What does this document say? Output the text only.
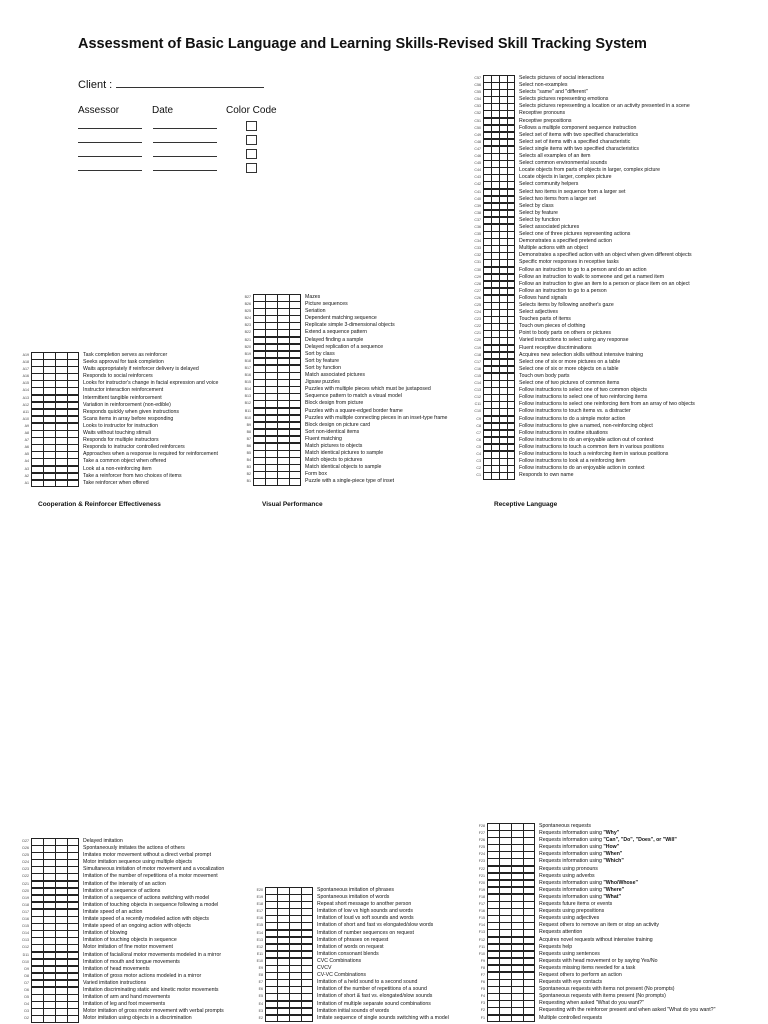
Assessment of Basic Language and Learning Skills-Revised Skill Tracking System
Client :
Assessor	Date	Color Code
A19	Task completion serves as reinforcer
A18	Seeks approval for task completion
A17	Waits appropriately if reinforcer delivery is delayed
A16	Responds to social reinforcers
A15	Looks for instructor's change in facial expression and voice
A14	Instructor interaction reinforcement
A13	Intermittent tangible reinforcement
A12	Variation in reinforcement (non-edible)
A11	Responds quickly when given instructions
A10	Scans items in array before responding
A9	Looks to instructor for instruction
A8	Waits without touching stimuli
A7	Responds for multiple instructors
A6	Responds to instructor controlled reinforcers
A5	Approaches when a response is required for reinforcement
A4	Take a common object when offered
A3	Look at a non-reinforcing item
A2	Take a reinforcer from two choices of items
A1	Take reinforcer when offered
Cooperation & Reinforcer Effectiveness
B27	Mazes
B26	Picture sequences
B25	Seriation
B24	Dependent matching sequence
B23	Replicate simple 3-dimensional objects
B22	Extend a sequence pattern
B21	Delayed finding a sample
B20	Delayed replication of a sequence
B19	Sort by class
B18	Sort by feature
B17	Sort by function
B16	Match associated pictures
B15	Jigsaw puzzles
B14	Puzzles with multiple pieces which must be juxtaposed
B13	Sequence pattern to match a visual model
B12	Block design from picture
B11	Puzzles with a square-edged border frame
B10	Puzzles with multiple connecting pieces in an inset-type frame
B9	Block design on picture card
B8	Sort non-identical items
B7	Fluent matching
B6	Match pictures to objects
B5	Match identical pictures to sample
B4	Match objects to pictures
B3	Match identical objects to sample
B2	Form box
B1	Puzzle with a single-piece type of inset
Visual Performance
C57	Selects pictures of social interactions
C56	Select non-examples
C55	Selects "same" and "different"
C54	Selects pictures representing emotions
C53	Selects pictures representing a location or an activity presented in a scene
C52	Receptive pronouns
C51	Receptive prepositions
C50	Follows a multiple component sequence instruction
C49	Select set of items with two specified characteristics
C48	Select set of items with a specified characteristic
C47	Select single items with two specified characteristics
C46	Selects all examples of an item
C45	Select common environmental sounds
C44	Locate objects from parts of objects in larger, complex picture
C43	Locate objects in larger, complex picture
C42	Select community helpers
C41	Select two items in sequence from a larger set
C40	Select two items from a larger set
C39	Select by class
C38	Select by feature
C37	Select by function
C36	Select associated pictures
C35	Select one of three pictures representing actions
C34	Demonstrates a specified pretend action
C33	Multiple actions with an object
C32	Demonstrates a specified action with an object when given different objects
C31	Specific motor responses in receptive tasks
C30	Follow an instruction to go to a person and do an action
C29	Follow an instruction to walk to someone and get a named item
C28	Follow an instruction to give an item to a person or place item on an object
C27	Follow an instruction to go to a person
C26	Follows hand signals
C25	Selects items by following another's gaze
C24	Select adjectives
C23	Touches parts of items
C22	Touch own pieces of clothing
C21	Point to body parts on others or pictures
C20	Varied instructions to select using any response
C19	Fluent receptive discriminations
C18	Acquires new selection skills without intensive training
C17	Select one of six or more pictures on a table
C16	Select one of six or more objects on a table
C15	Touch own body parts
C14	Select one of two pictures of common items
C13	Follow instructions to select one of two common objects
C12	Follow instructions to select one of two reinforcing items
C11	Follow instructions to select one reinforcing item from an array of two objects
C10	Follow instructions to touch items vs. a distracter
C9	Follow instructions to do a simple motor action
C8	Follow instructions to give a named, non-reinforcing object
C7	Follow instructions in routine situations
C6	Follow instructions to do an enjoyable action out of context
C5	Follow instructions to touch a common item in various positions
C4	Follow instructions to touch a reinforcing item in various positions
C3	Follow instructions to look at a reinforcing item
C2	Follow instructions to do an enjoyable action in context
C1	Responds to own name
Receptive Language
D27	Delayed imitation
D26	Spontaneously imitates the actions of others
D25	Imitates motor movement without a direct verbal prompt
D24	Motor imitation sequence using multiple objects
D23	Simultaneous imitation of motor movement and a vocalization
D22	Imitation of the number of repetitions of a motor movement
D21	Imitation of the intensity of an action
D20	Imitation of a sequence of actions
D19	Imitation of a sequence of actions switching with model
D18	Imitation of touching objects in sequence following a model
D17	Imitate speed of an action
D16	Imitate speed of a recently modeled action with objects
D15	Imitate speed of an ongoing action with objects
D14	Imitation of blowing
D13	Imitation of touching objects in sequence
D12	Motor imitation of fine motor movement
D11	Imitation of facial/oral motor movements modeled in a mirror
D10	Imitation of mouth and tongue movements
D9	Imitation of head movements
D8	Imitation of gross motor actions modeled in a mirror
D7	Varied imitation instructions
D6	Imitation discriminating static and kinetic motor movements
D5	Imitation of arm and hand movements
D4	Imitation of leg and foot movements
D3	Motor imitation of gross motor movement with verbal prompts
D2	Motor imitation using objects in a discrimination
E20	Spontaneous imitation of phrases
E19	Spontaneous imitation of words
E18	Repeat short message to another person
E17	Imitation of low vs high sounds and words
E16	Imitation of loud vs soft sounds and words
E15	Imitation of short and fast vs elongated/slow words
E14	Imitation of number sequences on request
E13	Imitation of phrases on request
E12	Imitation of words on request
E11	Imitation consonant blends
E10	CVC Combinations
E9	CVCV
E8	CV-VC Combinations
E7	Imitation of a held sound to a second sound
E6	Imitation of the number of repetitions of a sound
E5	Imitation of short & fast vs. elongated/slow sounds
E4	Imitation of multiple separate sound combinations
E3	Imitation initial sounds of words
E2	Imitate sequence of single sounds switching with a model
F28	Spontaneous requests
F27	Requests information using "Why"
F26	Requests information using "Can", "Do", "Does", or "Will"
F25	Requests information using "How"
F24	Requests information using "When"
F23	Requests information using "Which"
F22	Requests using pronouns
F21	Requests using adverbs
F20	Requests information using "Who/Whose"
F19	Requests information using "Where"
F18	Requests information using "What"
F17	Requests future items or events
F16	Requests using prepositions
F15	Requests using adjectives
F14	Request others to remove an item or stop an activity
F13	Requests attention
F12	Acquires novel requests without intensive training
F11	Requests help
F10	Requests using sentences
F9	Requests with head movement or by saying Yes/No
F8	Requests missing items needed for a task
F7	Request others to perform an action
F6	Requests with eye contacts
F5	Spontaneous requests with items not present (No prompts)
F4	Spontaneous requests with items present (No prompts)
F3	Requesting when asked "What do you want?"
F2	Requesting with the reinforcer present and when asked "What do you want?"
F1	Multiple controlled requests
